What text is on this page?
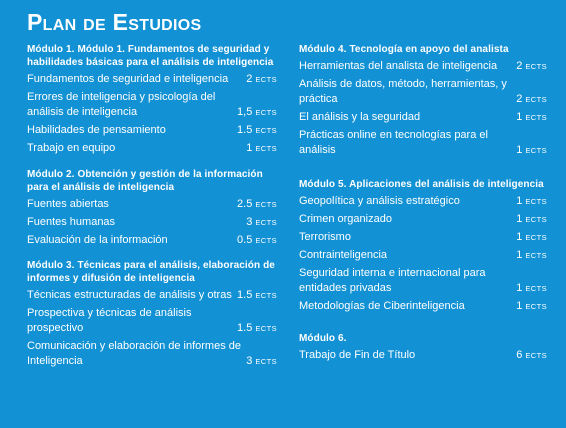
Plan de Estudios
Módulo 1. Módulo 1. Fundamentos de seguridad y habilidades básicas para el análisis de inteligencia
Fundamentos de seguridad e inteligencia	2 ECTS
Errores de inteligencia y psicología del análisis de inteligencia	1,5 ECTS
Habilidades de pensamiento	1.5 ECTS
Trabajo en equipo	1 ECTS
Módulo 2. Obtención y gestión de la información para el análisis de inteligencia
Fuentes abiertas	2.5 ECTS
Fuentes humanas	3 ECTS
Evaluación de la información	0.5 ECTS
Módulo 3. Técnicas para el análisis, elaboración de informes y difusión de inteligencia
Técnicas estructuradas de análisis y otras 1.5 ECTS
Prospectiva y técnicas de análisis prospectivo	1.5 ECTS
Comunicación y elaboración de informes de Inteligencia	3 ECTS
Módulo 4. Tecnología en apoyo del analista
Herramientas del analista de inteligencia	2 ECTS
Análisis de datos, método, herramientas, y práctica	2 ECTS
El análisis y la seguridad	1 ECTS
Prácticas online en tecnologías para el análisis	1 ECTS
Módulo 5. Aplicaciones del análisis de inteligencia
Geopolítica y análisis estratégico	1 ECTS
Crimen organizado	1 ECTS
Terrorismo	1 ECTS
Contrainteligencia	1 ECTS
Seguridad interna e internacional para entidades privadas	1 ECTS
Metodologías de Ciberinteligencia	1 ECTS
Módulo 6.
Trabajo de Fin de Título	6 ECTS
